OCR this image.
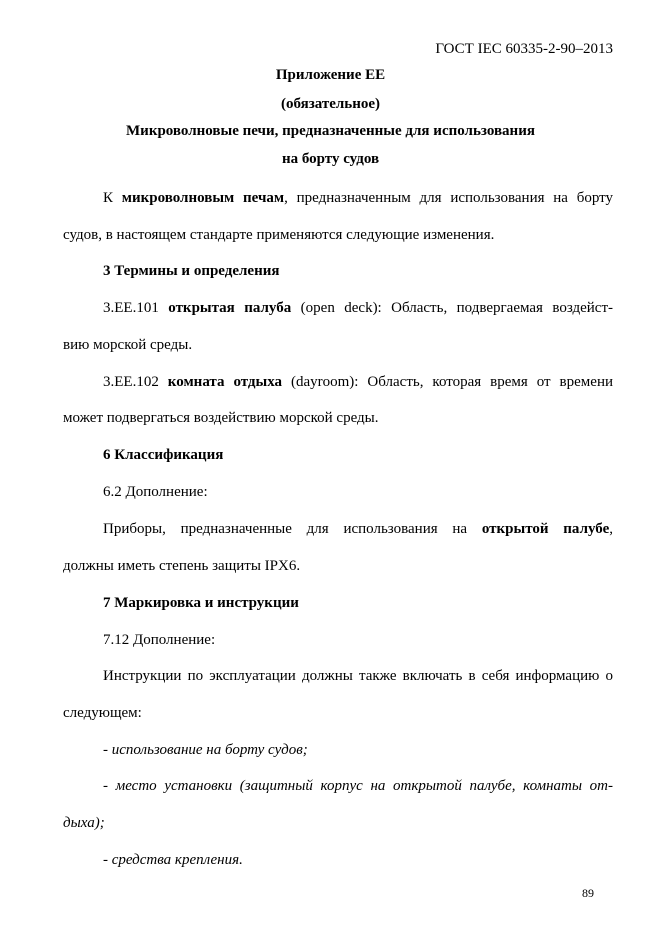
ГОСТ IEC 60335-2-90–2013
Приложение ЕЕ
(обязательное)
Микроволновые печи, предназначенные для использования
на борту судов
К микроволновым печам, предназначенным для использования на борту
судов, в настоящем стандарте применяются следующие изменения.
3 Термины и определения
3.ЕЕ.101 открытая палуба (open deck): Область, подвергаемая воздейст-
вию морской среды.
3.ЕЕ.102 комната отдыха (dayroom): Область, которая время от времени
может подвергаться воздействию морской среды.
6 Классификация
6.2 Дополнение:
Приборы, предназначенные для использования на открытой палубе,
должны иметь степень защиты IPX6.
7 Маркировка и инструкции
7.12 Дополнение:
Инструкции по эксплуатации должны также включать в себя информацию о
следующем:
- использование на борту судов;
- место установки (защитный корпус на открытой палубе, комнаты от-
дыха);
- средства крепления.
89
